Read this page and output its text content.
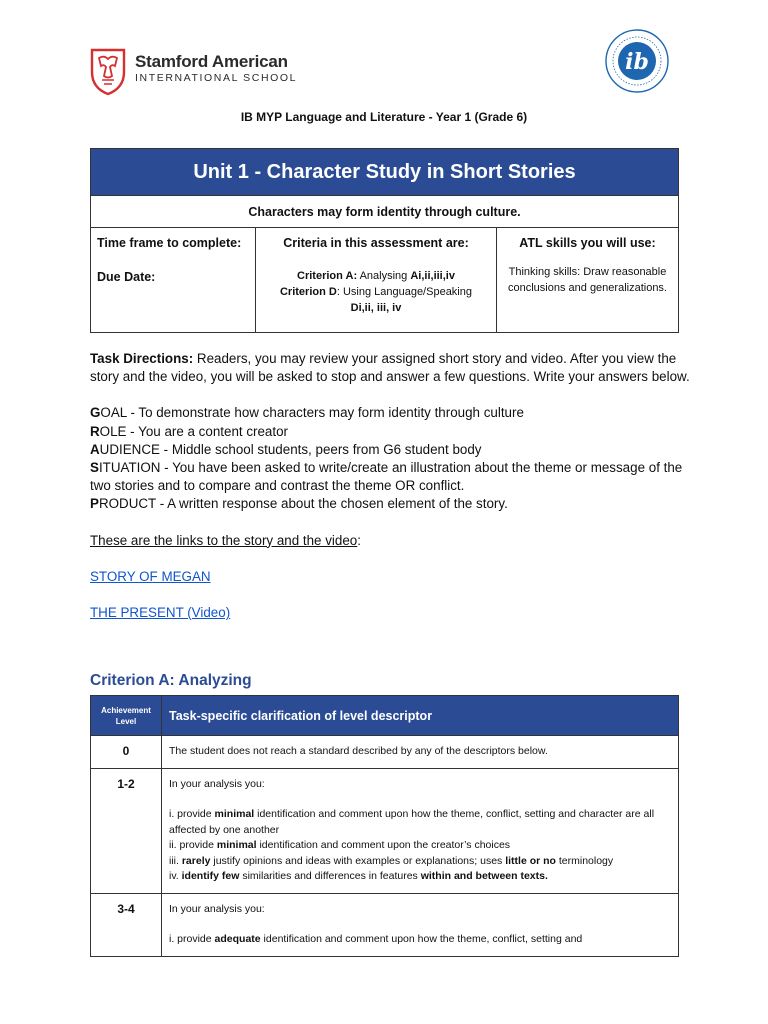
Stamford American
INTERNATIONAL SCHOOL
ib
IB MYP Language and Literature - Year 1 (Grade 6)
Unit 1 - Character Study in Short Stories
Characters may form identity through culture.

Time frame to complete:
Due Date:

Criteria in this assessment are:
Criterion A: Analysing Ai,ii,iii,iv
Criterion D: Using Language/Speaking
Di,ii, iii, iv

ATL skills you will use:
Thinking skills: Draw reasonable conclusions and generalizations.

Task Directions: Readers, you may review your assigned short story and video. After you view the story and the video, you will be asked to stop and answer a few questions. Write your answers below.

GOAL - To demonstrate how characters may form identity through culture

ROLE - You are a content creator

AUDIENCE - Middle school students, peers from G6 student body

SITUATION - You have been asked to write/create an illustration about the theme or message of the two stories and to compare and contrast the theme OR conflict.

PRODUCT - A written response about the chosen element of the story.

These are the links to the story and the video:

STORY OF MEGAN

THE PRESENT (Video)

Criterion A: Analyzing
Achievement Level	Task-specific clarification of level descriptor
0	The student does not reach a standard described by any of the descriptors below.
1-2	In your analysis you:
i. provide minimal identification and comment upon how the theme, conflict, setting and character are all affected by one another
ii. provide minimal identification and comment upon the creator’s choices
iii. rarely justify opinions and ideas with examples or explanations; uses little or no terminology
iv. identify few similarities and differences in features within and between texts.

3-4	In your analysis you:
i. provide adequate identification and comment upon how the theme, conflict, setting and
